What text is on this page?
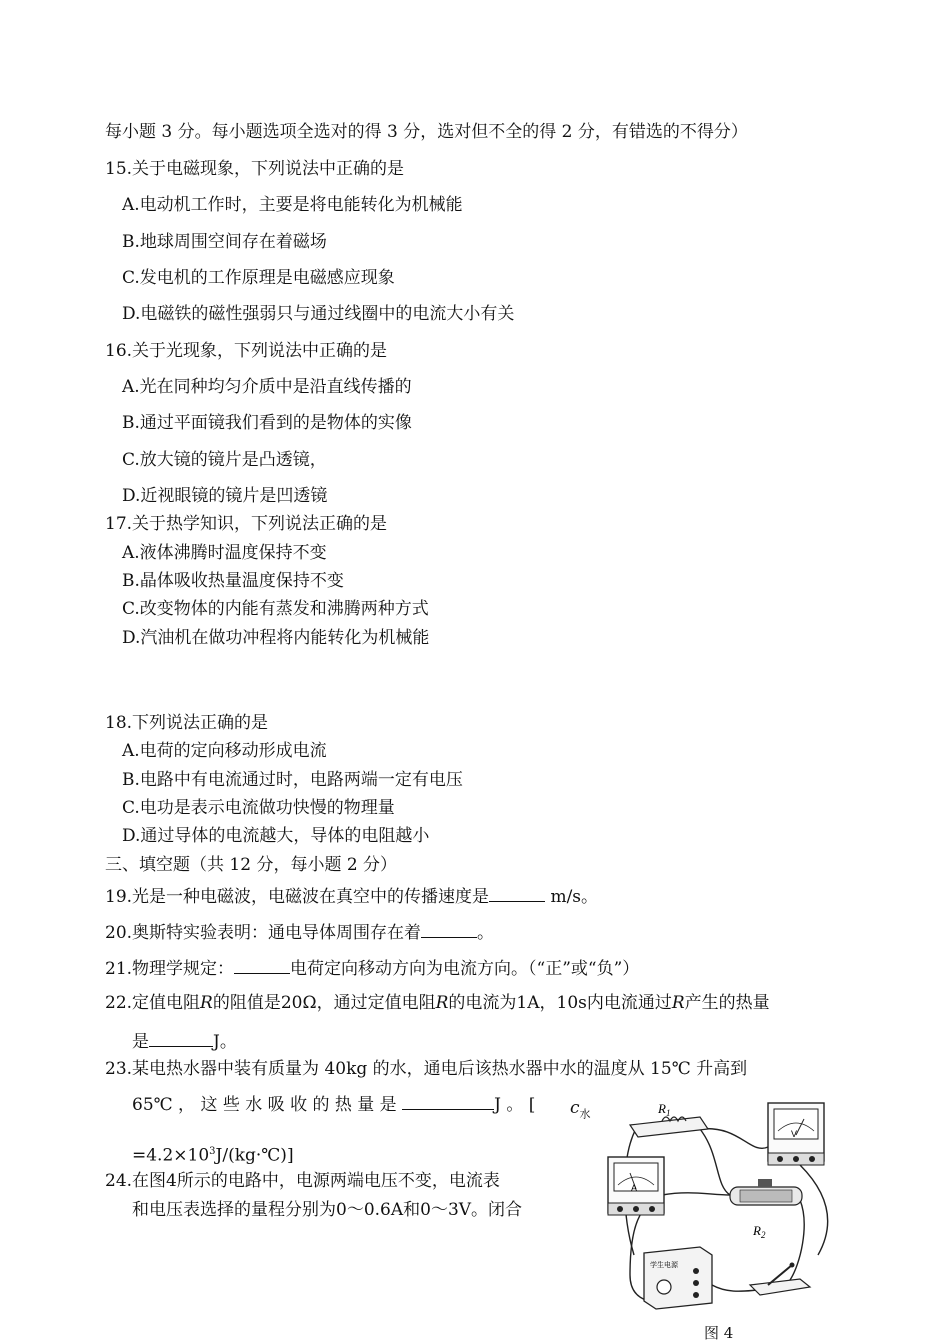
每小题 3 分。每小题选项全选对的得 3 分，选对但不全的得 2 分，有错选的不得分）
15.关于电磁现象，下列说法中正确的是
A.电动机工作时，主要是将电能转化为机械能
B.地球周围空间存在着磁场
C.发电机的工作原理是电磁感应现象
D.电磁铁的磁性强弱只与通过线圈中的电流大小有关
16.关于光现象，下列说法中正确的是
A.光在同种均匀介质中是沿直线传播的
B.通过平面镜我们看到的是物体的实像
C.放大镜的镜片是凸透镜，
D.近视眼镜的镜片是凹透镜
17.关于热学知识，下列说法正确的是
A.液体沸腾时温度保持不变
B.晶体吸收热量温度保持不变
C.改变物体的内能有蒸发和沸腾两种方式
D.汽油机在做功冲程将内能转化为机械能
18.下列说法正确的是
A.电荷的定向移动形成电流
B.电路中有电流通过时，电路两端一定有电压
C.电功是表示电流做功快慢的物理量
D.通过导体的电流越大，导体的电阻越小
三、填空题（共 12 分，每小题 2 分）
19.光是一种电磁波，电磁波在真空中的传播速度是	m/s。
20.奥斯特实验表明：通电导体周围存在着	。
21.物理学规定：	电荷定向移动方向为电流方向。（“正”或“负”）
22.定值电阻R的阻值是20Ω，通过定值电阻R的电流为1A，10s内电流通过R产生的热量
是	J。
23.某电热水器中装有质量为 40kg 的水，通电后该热水器中水的温度从 15℃ 升高到
65℃ ， 这 些 水 吸 收 的 热 量 是	J 。 [ $c_水$
$=4.2\times 10^3J/(kg\cdot℃)$]
24.在图4所示的电路中，电源两端电压不变，电流表
和电压表选择的量程分别为0～0.6A和0～3V。闭合
$R_1$
V
A
$R_2$
学生电源
图 4
